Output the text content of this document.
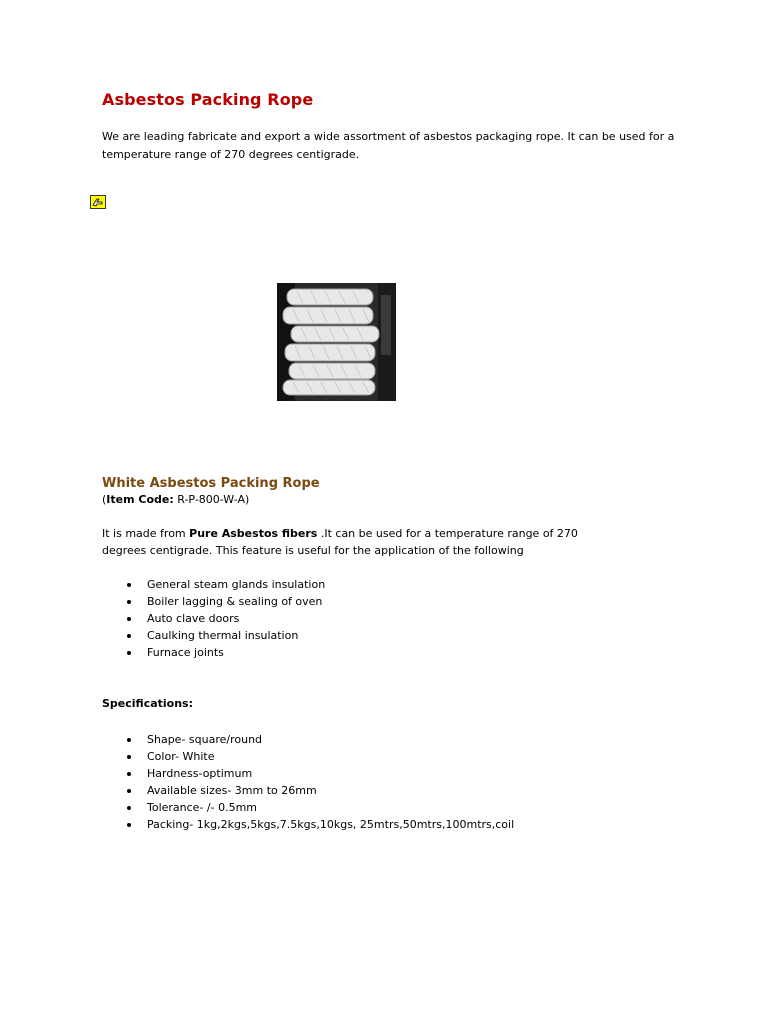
Asbestos Packing Rope

We are leading fabricate and export a wide assortment of asbestos packaging rope. It can be used for a temperature range of 270 degrees centigrade.

White Asbestos Packing Rope

(Item Code: R-P-800-W-A)

It is made from Pure Asbestos fibers .It can be used for a temperature range of 270 degrees centigrade. This feature is useful for the application of the following

General steam glands insulation
Boiler lagging & sealing of oven
Auto clave doors
Caulking thermal insulation
Furnace joints

Specifications:

Shape- square/round
Color- White
Hardness-optimum
Available sizes- 3mm to 26mm
Tolerance- /- 0.5mm
Packing- 1kg,2kgs,5kgs,7.5kgs,10kgs, 25mtrs,50mtrs,100mtrs,coil
